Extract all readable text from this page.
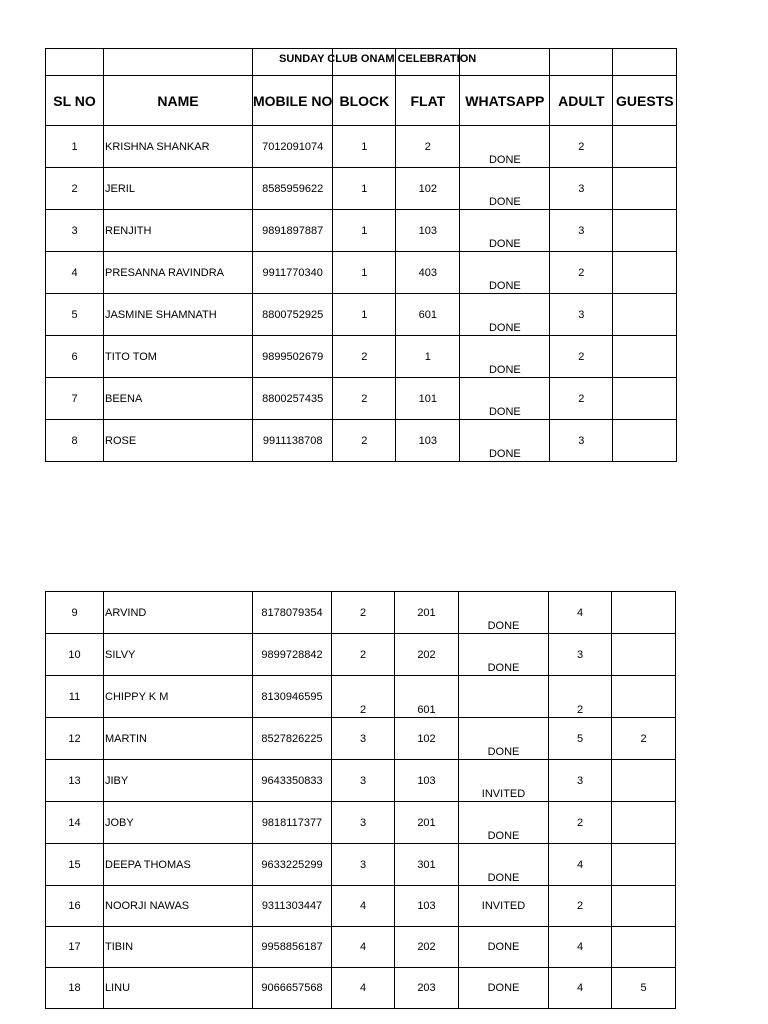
		SUNDAY CLUB ONAM CELEBRATION					

SL NO	NAME	MOBILE NO	BLOCK	FLAT	WHATSAPP	ADULT	GUESTS
1	KRISHNA SHANKAR	7012091074	1	2	DONE	2	
2	JERIL	8585959622	1	102	DONE	3	
3	RENJITH	9891897887	1	103	DONE	3	
4	PRESANNA RAVINDRA	9911770340	1	403	DONE	2	
5	JASMINE SHAMNATH	8800752925	1	601	DONE	3	
6	TITO TOM	9899502679	2	1	DONE	2	
7	BEENA	8800257435	2	101	DONE	2	
8	ROSE	9911138708	2	103	DONE	3	
9	ARVIND	8178079354	2	201	DONE	4	
10	SILVY	9899728842	2	202	DONE	3	
11	CHIPPY K M	8130946595	2	601		2	
12	MARTIN	8527826225	3	102	DONE	5	2
13	JIBY	9643350833	3	103	INVITED	3	
14	JOBY	9818117377	3	201	DONE	2	
15	DEEPA THOMAS	9633225299	3	301	DONE	4	
16	NOORJI NAWAS	9311303447	4	103	INVITED	2	
17	TIBIN	9958856187	4	202	DONE	4	
18	LINU	9066657568	4	203	DONE	4	5
